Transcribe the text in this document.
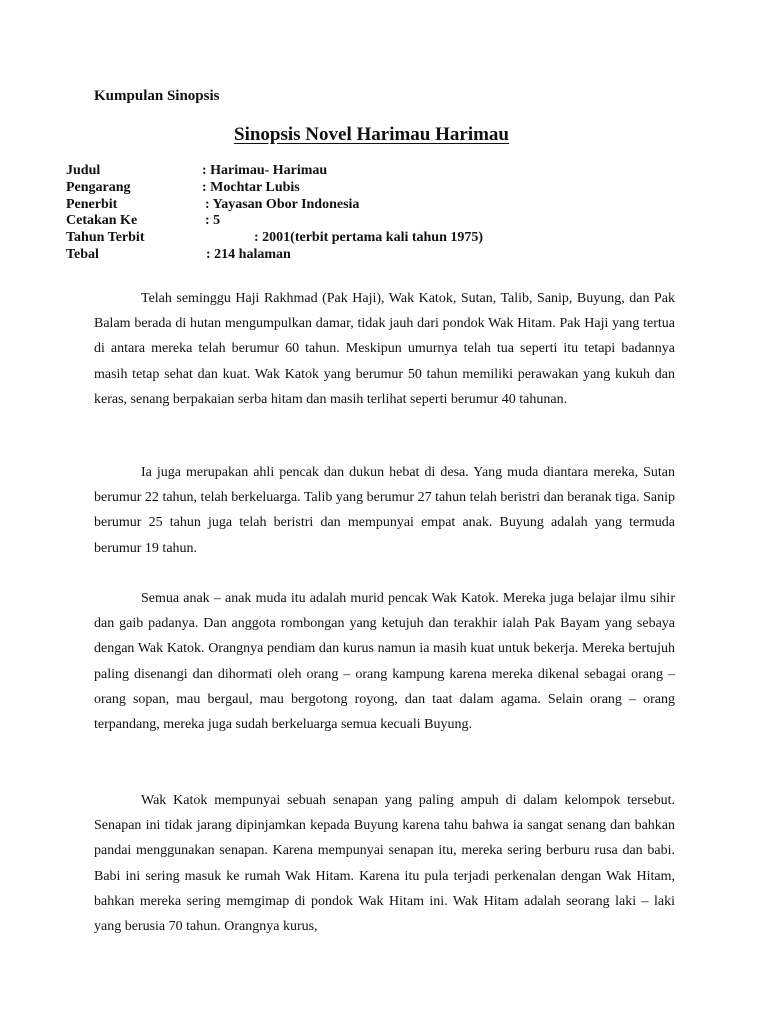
Kumpulan Sinopsis

Sinopsis Novel Harimau Harimau
Judul	: Harimau- Harimau
Pengarang	: Mochtar Lubis
Penerbit	: Yayasan Obor Indonesia
Cetakan Ke	: 5
Tahun Terbit	: 2001(terbit pertama kali tahun 1975)
Tebal	: 214 halaman

Telah seminggu Haji Rakhmad (Pak Haji), Wak Katok, Sutan, Talib, Sanip, Buyung, dan Pak Balam berada di hutan mengumpulkan damar, tidak jauh dari pondok Wak Hitam. Pak Haji yang tertua di antara mereka telah berumur 60 tahun. Meskipun umurnya telah tua seperti itu tetapi badannya masih tetap sehat dan kuat. Wak Katok yang berumur 50 tahun memiliki perawakan yang kukuh dan keras, senang berpakaian serba hitam dan masih terlihat seperti berumur 40 tahunan.

Ia juga merupakan ahli pencak dan dukun hebat di desa. Yang muda diantara mereka, Sutan berumur 22 tahun, telah berkeluarga. Talib yang berumur 27 tahun telah beristri dan beranak tiga. Sanip berumur 25 tahun juga telah beristri dan mempunyai empat anak. Buyung adalah yang termuda berumur 19 tahun.

Semua anak – anak muda itu adalah murid pencak Wak Katok. Mereka juga belajar ilmu sihir dan gaib padanya. Dan anggota rombongan yang ketujuh dan terakhir ialah Pak Bayam yang sebaya dengan Wak Katok. Orangnya pendiam dan kurus namun ia masih kuat untuk bekerja. Mereka bertujuh paling disenangi dan dihormati oleh orang – orang kampung karena mereka dikenal sebagai orang – orang sopan, mau bergaul, mau bergotong royong, dan taat dalam agama. Selain orang – orang terpandang, mereka juga sudah berkeluarga semua kecuali Buyung.

Wak Katok mempunyai sebuah senapan yang paling ampuh di dalam kelompok tersebut. Senapan ini tidak jarang dipinjamkan kepada Buyung karena tahu bahwa ia sangat senang dan bahkan pandai menggunakan senapan. Karena mempunyai senapan itu, mereka sering berburu rusa dan babi. Babi ini sering masuk ke rumah Wak Hitam. Karena itu pula terjadi perkenalan dengan Wak Hitam, bahkan mereka sering memgimap di pondok Wak Hitam ini. Wak Hitam adalah seorang laki – laki yang berusia 70 tahun. Orangnya kurus,
